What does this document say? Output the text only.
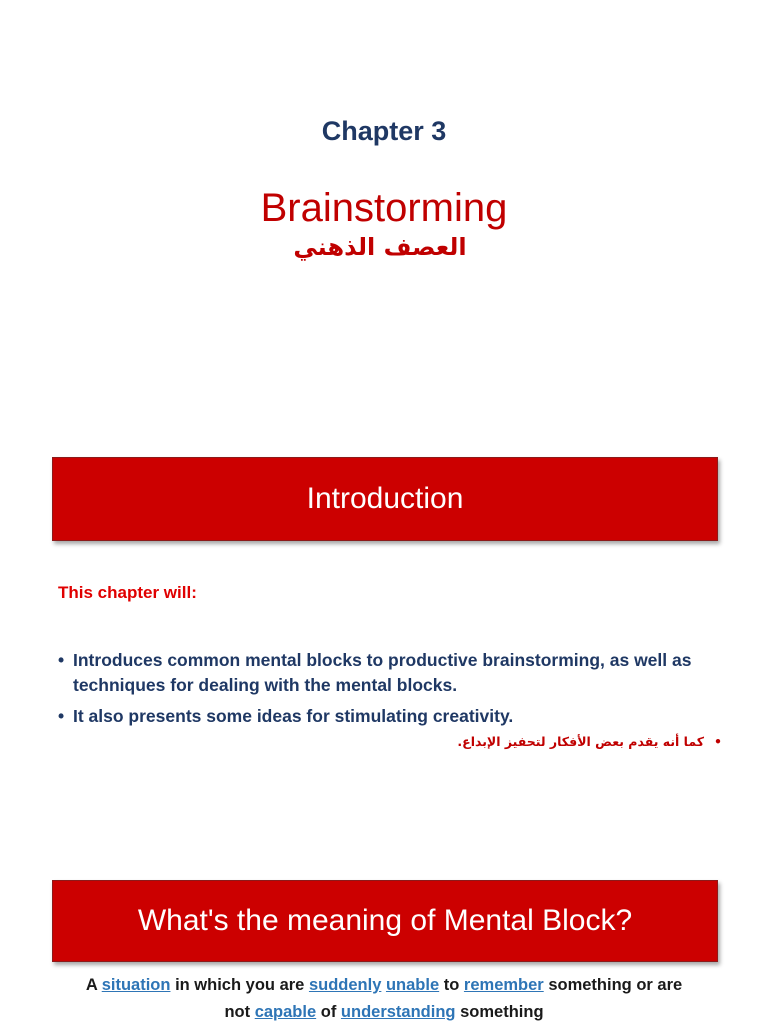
Chapter 3
Brainstorming
العصف الذهني
Introduction
This chapter will:
• Introduces common mental blocks to productive brainstorming, as well as techniques for dealing with the mental blocks.
• It also presents some ideas for stimulating creativity.
كما أنه يقدم بعض الأفكار لتحفيز الإبداع. •
What's the meaning of Mental Block?
A situation in which you are suddenly unable to remember something or are
not capable of understanding something
